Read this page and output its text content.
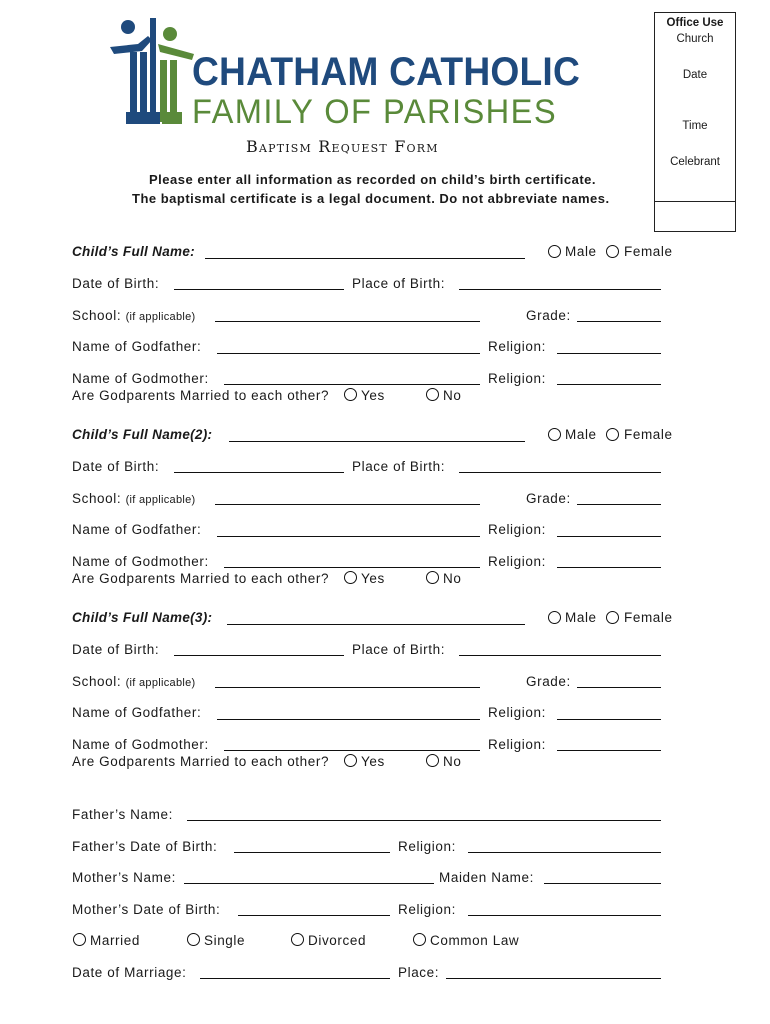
CHATHAM CATHOLIC
FAMILY OF PARISHES
Baptism Request Form
Office Use
Church
Date
Time
Celebrant
Please enter all information as recorded on child’s birth certificate.
The baptismal certificate is a legal document. Do not abbreviate names.
Child’s Full Name:	Male Female
Date of Birth:	Place of Birth:
School: (if applicable)	Grade:
Name of Godfather:	Religion:
Name of Godmother:	Religion:
Are Godparents Married to each other? Yes	No
Child’s Full Name(2):	Male Female
Date of Birth:	Place of Birth:
School: (if applicable)	Grade:
Name of Godfather:	Religion:
Name of Godmother:	Religion:
Are Godparents Married to each other? Yes	No
Child’s Full Name(3):	Male Female
Date of Birth:	Place of Birth:
School: (if applicable)	Grade:
Name of Godfather:	Religion:
Name of Godmother:	Religion:
Are Godparents Married to each other? Yes	No
Father’s Name:
Father’s Date of Birth:	Religion:
Mother’s Name:	Maiden Name:
Mother’s Date of Birth:	Religion:
Married	Single	Divorced	Common Law
Date of Marriage:	Place:
